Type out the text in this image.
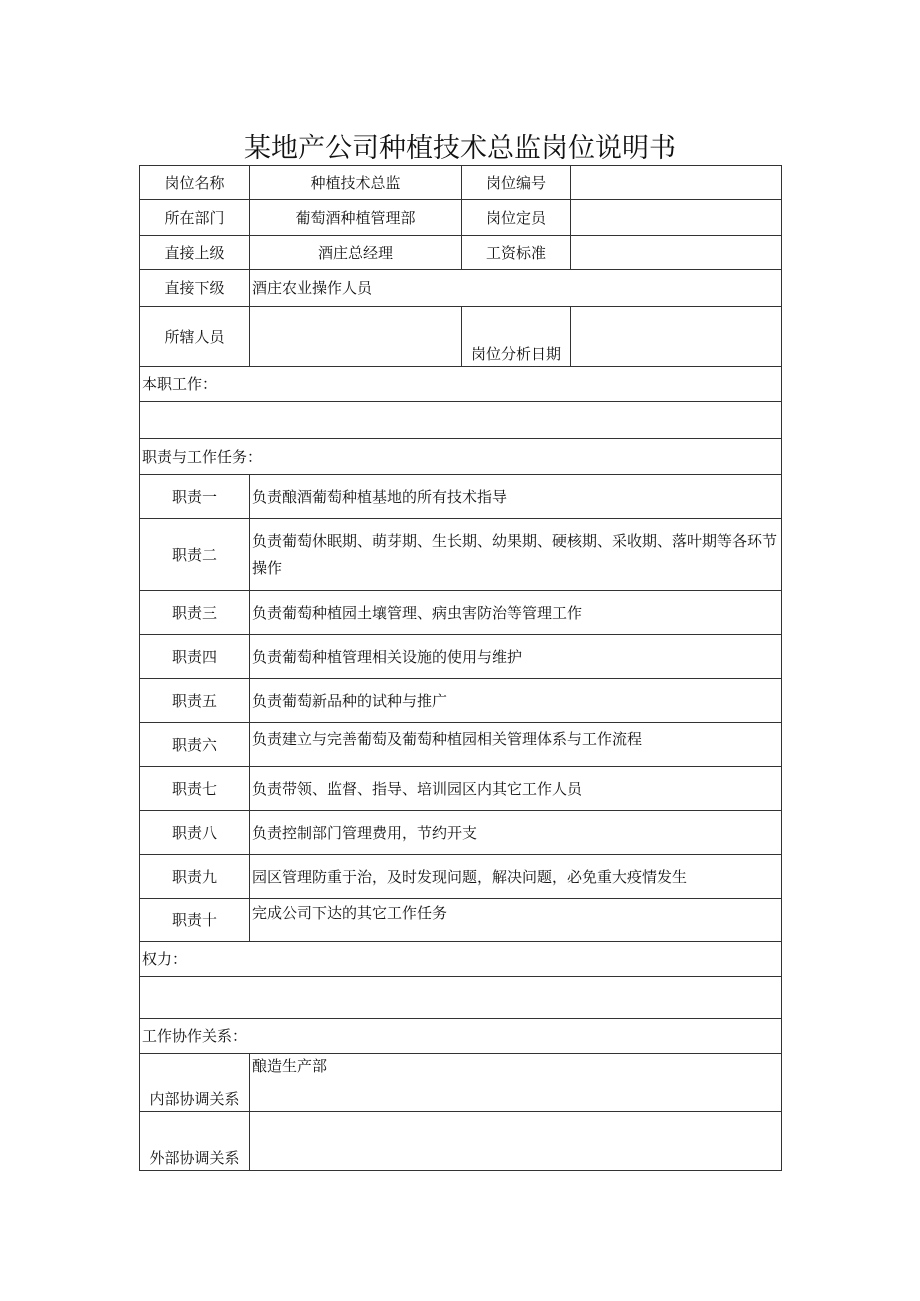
某地产公司种植技术总监岗位说明书
岗位名称	种植技术总监	岗位编号	
所在部门	葡萄酒种植管理部	岗位定员	
直接上级	酒庄总经理	工资标准	
直接下级	酒庄农业操作人员		
所辖人员		岗位分析日期	
本职工作：			

职责与工作任务：			
职责一	负责酿酒葡萄种植基地的所有技术指导		
职责二	负责葡萄休眠期、萌芽期、生长期、幼果期、硬核期、采收期、落叶期等各环节操作		
职责三	负责葡萄种植园土壤管理、病虫害防治等管理工作		
职责四	负责葡萄种植管理相关设施的使用与维护		
职责五	负责葡萄新品种的试种与推广		
职责六	负责建立与完善葡萄及葡萄种植园相关管理体系与工作流程		
职责七	负责带领、监督、指导、培训园区内其它工作人员		
职责八	负责控制部门管理费用，节约开支		
职责九	园区管理防重于治，及时发现问题，解决问题，必免重大疫情发生		
职责十	完成公司下达的其它工作任务		
权力：			

工作协作关系：			
内部协调关系	酿造生产部		
外部协调关系			
